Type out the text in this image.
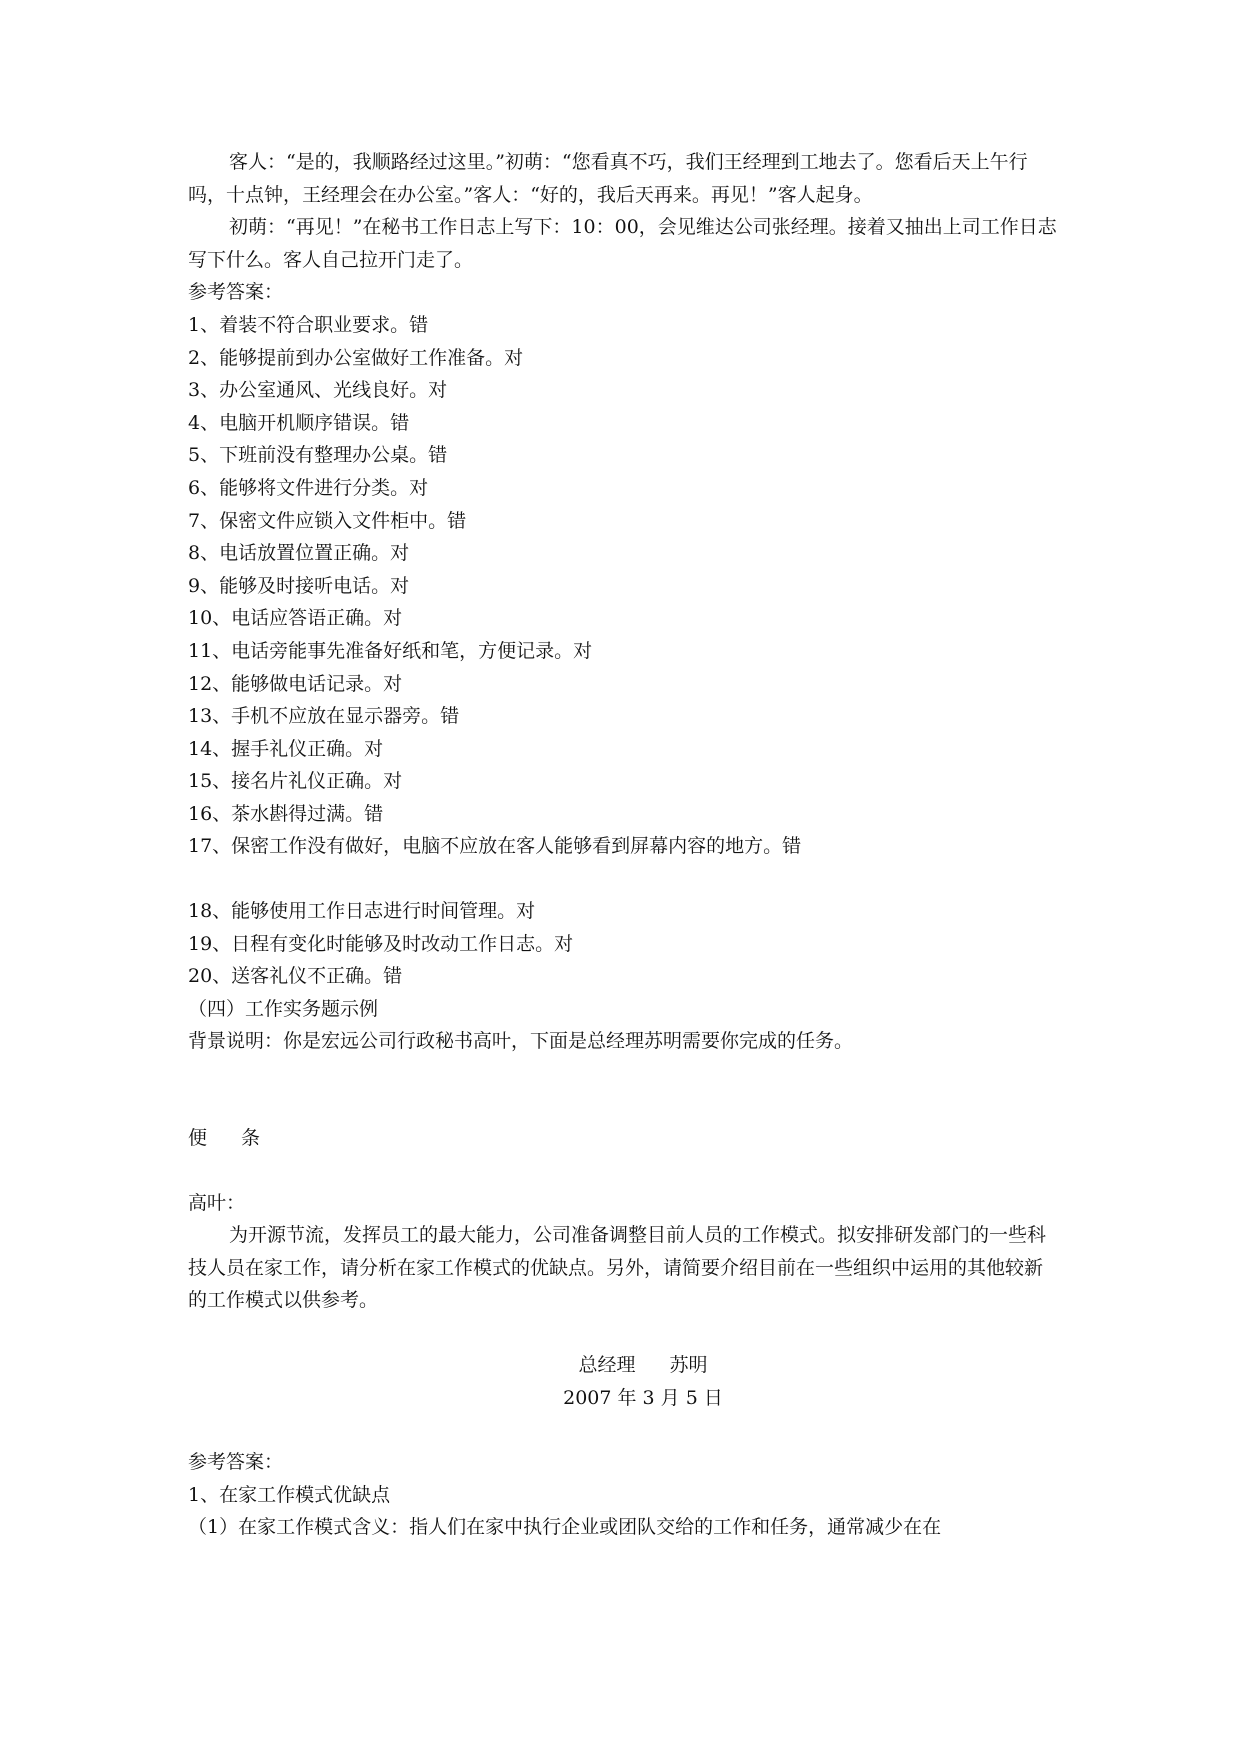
客人：“是的，我顺路经过这里。”初萌：“您看真不巧，我们王经理到工地去了。您看后天上午行吗，十点钟，王经理会在办公室。”客人：“好的，我后天再来。再见！”客人起身。

初萌：“再见！”在秘书工作日志上写下：10：00，会见维达公司张经理。接着又抽出上司工作日志写下什么。客人自己拉开门走了。

参考答案：

1、着装不符合职业要求。错

2、能够提前到办公室做好工作准备。对

3、办公室通风、光线良好。对

4、电脑开机顺序错误。错

5、下班前没有整理办公桌。错

6、能够将文件进行分类。对

7、保密文件应锁入文件柜中。错

8、电话放置位置正确。对

9、能够及时接听电话。对

10、电话应答语正确。对

11、电话旁能事先准备好纸和笔，方便记录。对

12、能够做电话记录。对

13、手机不应放在显示器旁。错

14、握手礼仪正确。对

15、接名片礼仪正确。对

16、茶水斟得过满。错

17、保密工作没有做好，电脑不应放在客人能够看到屏幕内容的地方。错

18、能够使用工作日志进行时间管理。对

19、日程有变化时能够及时改动工作日志。对

20、送客礼仪不正确。错

（四）工作实务题示例

背景说明：你是宏远公司行政秘书高叶，下面是总经理苏明需要你完成的任务。

便 条

高叶：

为开源节流，发挥员工的最大能力，公司准备调整目前人员的工作模式。拟安排研发部门的一些科技人员在家工作，请分析在家工作模式的优缺点。另外，请简要介绍目前在一些组织中运用的其他较新的工作模式以供参考。

总经理 苏明

2007 年 3 月 5 日

参考答案：

1、在家工作模式优缺点

（1）在家工作模式含义：指人们在家中执行企业或团队交给的工作和任务，通常减少在在
